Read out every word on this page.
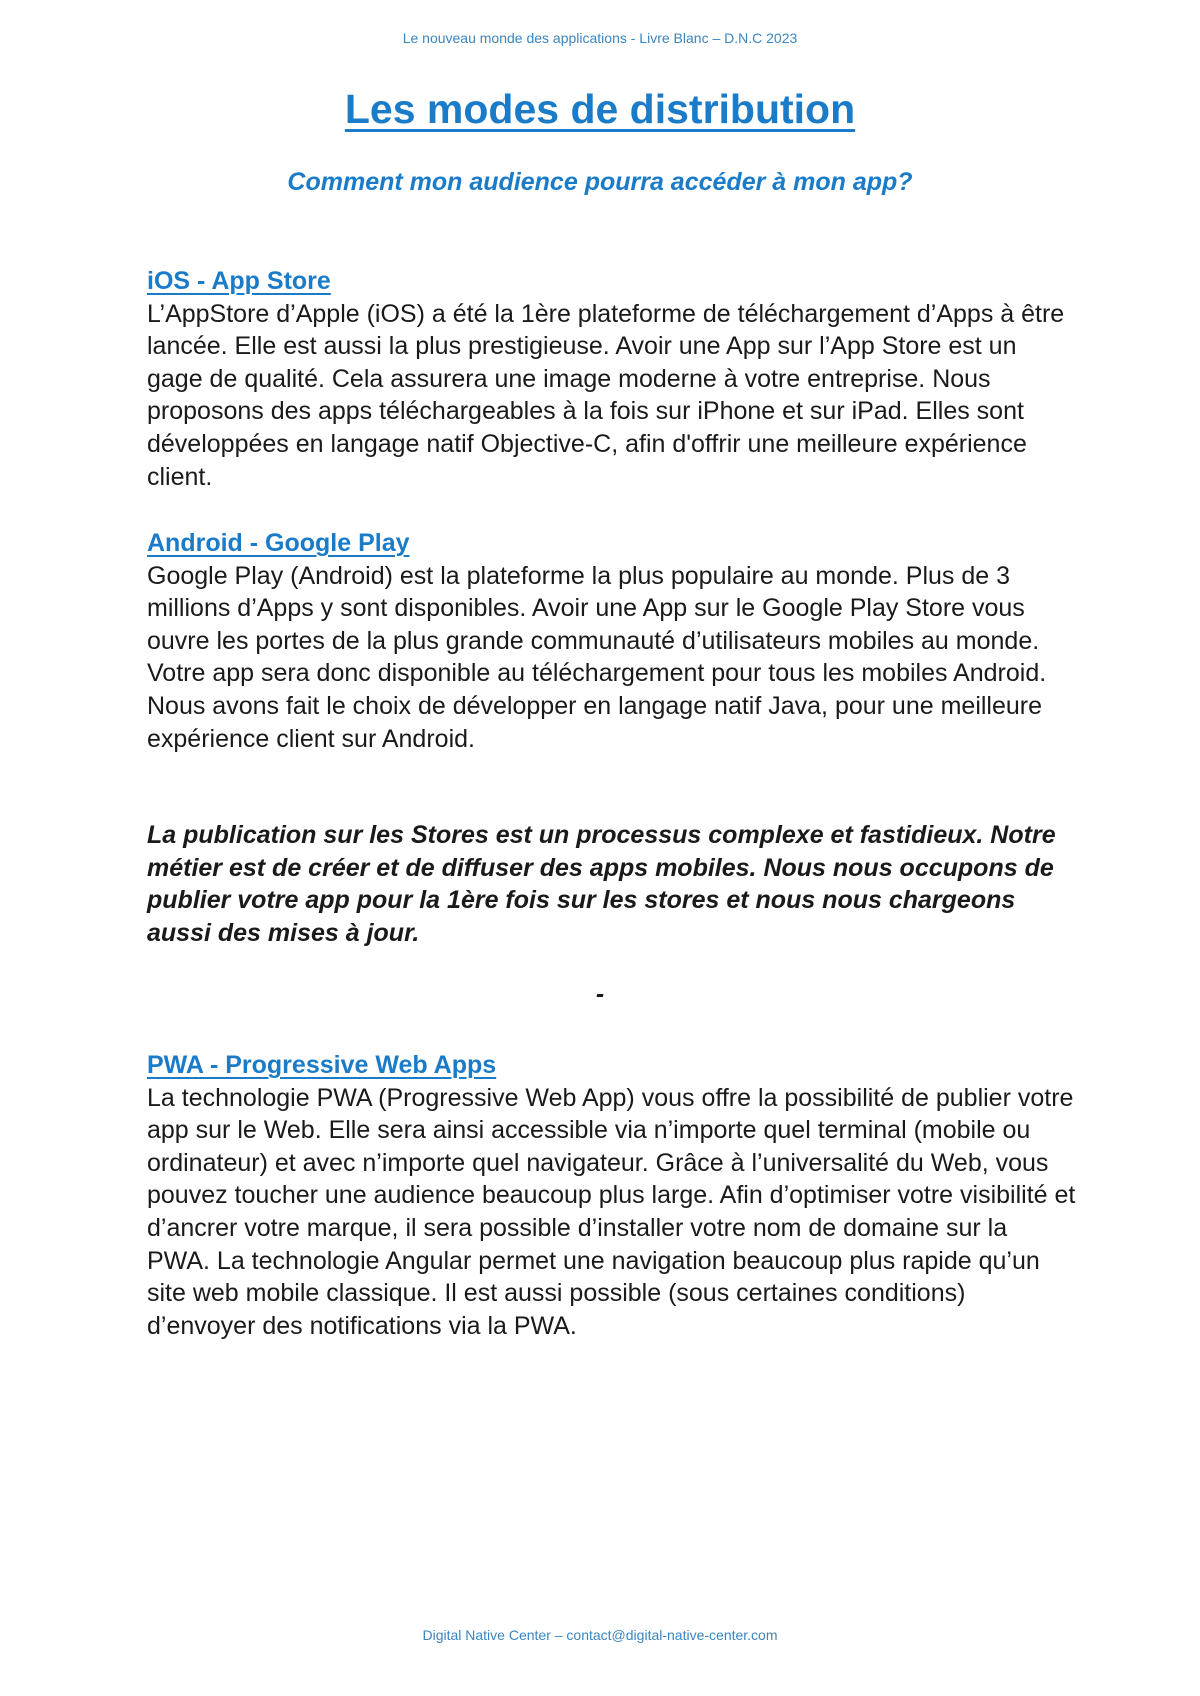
Le nouveau monde des applications - Livre Blanc – D.N.C 2023
Les modes de distribution
Comment mon audience pourra accéder à mon app?
iOS - App Store

L’AppStore d’Apple (iOS) a été la 1ère plateforme de téléchargement d’Apps à être lancée. Elle est aussi la plus prestigieuse. Avoir une App sur l’App Store est un gage de qualité. Cela assurera une image moderne à votre entreprise. Nous proposons des apps téléchargeables à la fois sur iPhone et sur iPad. Elles sont développées en langage natif Objective-C, afin d'offrir une meilleure expérience client.

Android - Google Play

Google Play (Android) est la plateforme la plus populaire au monde. Plus de 3 millions d’Apps y sont disponibles. Avoir une App sur le Google Play Store vous ouvre les portes de la plus grande communauté d’utilisateurs mobiles au monde. Votre app sera donc disponible au téléchargement pour tous les mobiles Android. Nous avons fait le choix de développer en langage natif Java, pour une meilleure expérience client sur Android.

La publication sur les Stores est un processus complexe et fastidieux. Notre métier est de créer et de diffuser des apps mobiles. Nous nous occupons de publier votre app pour la 1ère fois sur les stores et nous nous chargeons aussi des mises à jour.

-
PWA - Progressive Web Apps

La technologie PWA (Progressive Web App) vous offre la possibilité de publier votre app sur le Web. Elle sera ainsi accessible via n’importe quel terminal (mobile ou ordinateur) et avec n’importe quel navigateur. Grâce à l’universalité du Web, vous pouvez toucher une audience beaucoup plus large. Afin d’optimiser votre visibilité et d’ancrer votre marque, il sera possible d’installer votre nom de domaine sur la PWA. La technologie Angular permet une navigation beaucoup plus rapide qu’un site web mobile classique. Il est aussi possible (sous certaines conditions) d’envoyer des notifications via la PWA.

Digital Native Center – contact@digital-native-center.com
